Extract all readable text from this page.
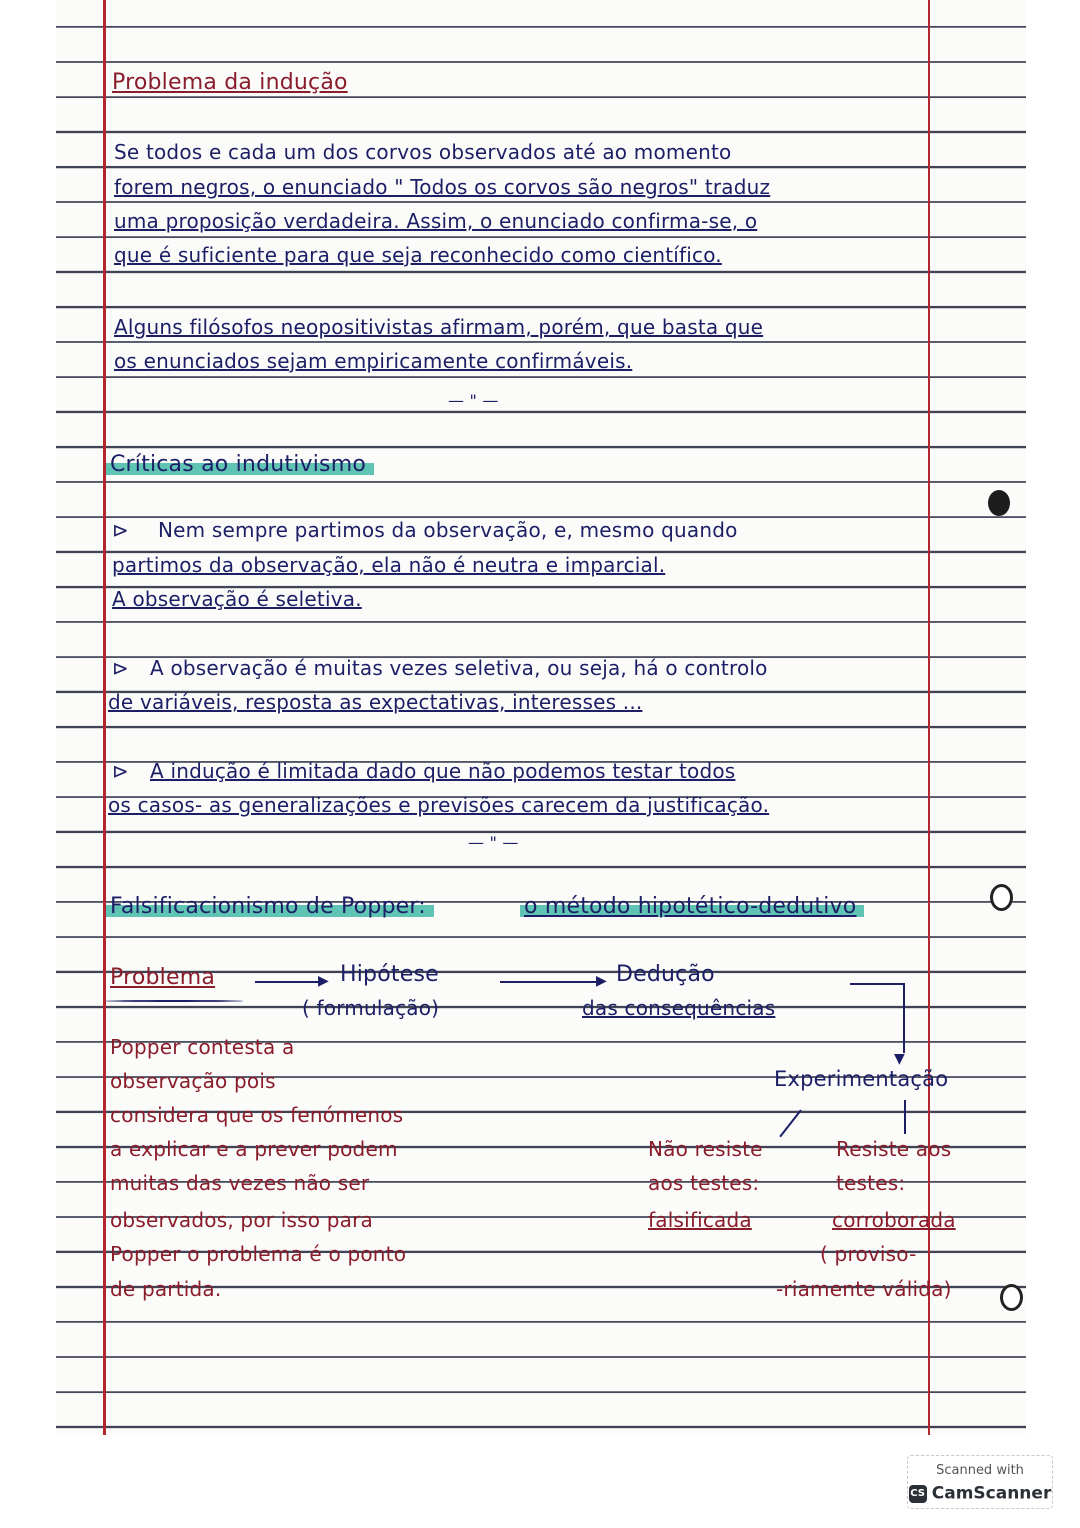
Problema da indução
Se todos e cada um dos corvos observados até ao momento
forem negros, o enunciado " Todos os corvos são negros" traduz
uma proposição verdadeira. Assim, o enunciado confirma-se, o
que é suficiente para que seja reconhecido como científico.
Alguns filósofos neopositivistas afirmam, porém, que basta que
os enunciados sejam empiricamente confirmáveis.
— " —
Críticas ao indutivismo
⊳ Nem sempre partimos da observação, e, mesmo quando
partimos da observação, ela não é neutra e imparcial.
A observação é seletiva.
⊳ A observação é muitas vezes seletiva, ou seja, há o controlo
de variáveis, resposta as expectativas, interesses ...
⊳ A indução é limitada dado que não podemos testar todos
os casos- as generalizações e previsões carecem da justificação.
— " —
Falsificacionismo de Popper:	o método hipotético-dedutivo
Problema	▶ Hipótese
( formulação)
▶ Dedução
das consequências
▼
Experimentação
Não resiste
aos testes:
falsificada
Resiste aos
testes:
corroborada
( proviso-
-riamente válida)
Popper contesta a
observação pois
considera que os fenómenos
a explicar e a prever podem
muitas das vezes não ser
observados, por isso para
Popper o problema é o ponto
de partida.
Scanned with
CS CamScanner
